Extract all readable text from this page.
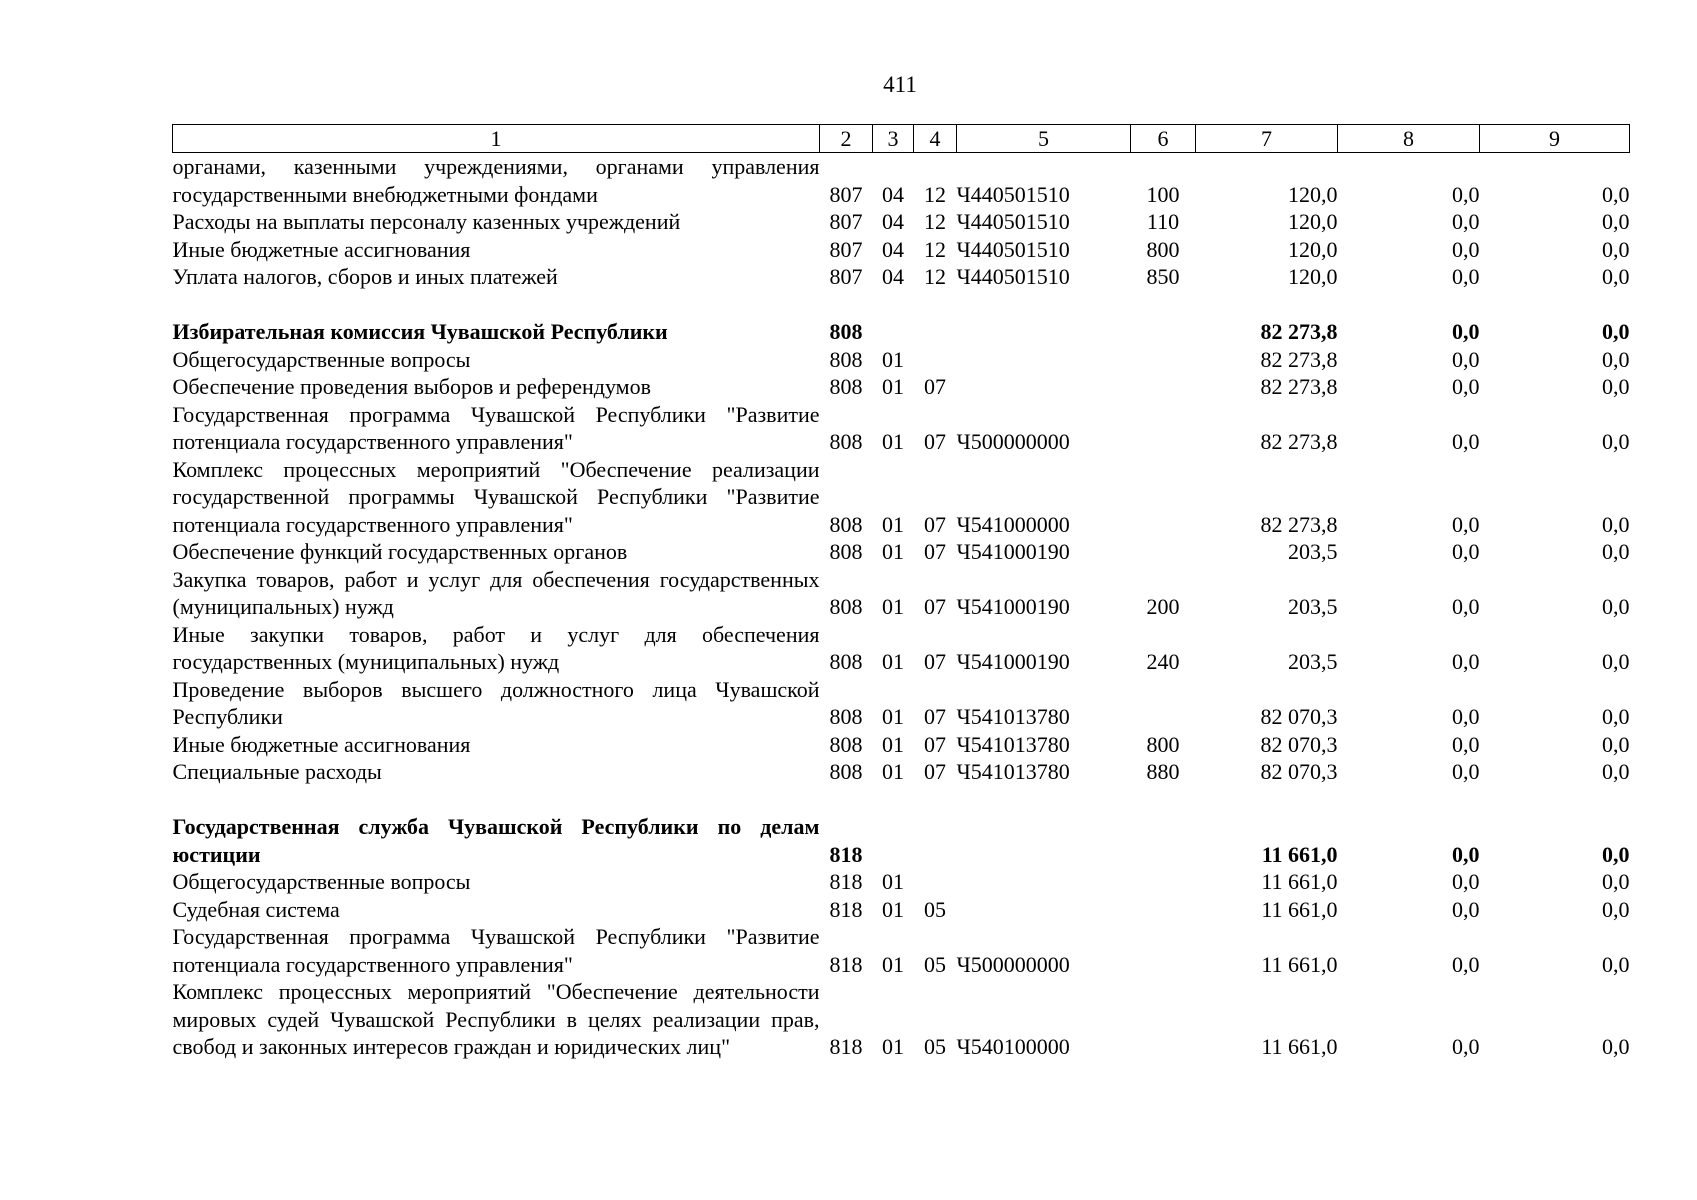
411
1	2	3	4	5	6	7	8	9
органами, казенными учреждениями, органами управления государственными внебюджетными фондами	807	04	12	Ч440501510	100	120,0	0,0	0,0
Расходы на выплаты персоналу казенных учреждений	807	04	12	Ч440501510	110	120,0	0,0	0,0
Иные бюджетные ассигнования	807	04	12	Ч440501510	800	120,0	0,0	0,0
Уплата налогов, сборов и иных платежей	807	04	12	Ч440501510	850	120,0	0,0	0,0

Избирательная комиссия Чувашской Республики	808					82 273,8	0,0	0,0
Общегосударственные вопросы	808	01				82 273,8	0,0	0,0
Обеспечение проведения выборов и референдумов	808	01	07			82 273,8	0,0	0,0
Государственная программа Чувашской Республики "Развитие потенциала государственного управления"	808	01	07	Ч500000000		82 273,8	0,0	0,0
Комплекс процессных мероприятий "Обеспечение реализации государственной программы Чувашской Республики "Развитие потенциала государственного управления"	808	01	07	Ч541000000		82 273,8	0,0	0,0
Обеспечение функций государственных органов	808	01	07	Ч541000190		203,5	0,0	0,0
Закупка товаров, работ и услуг для обеспечения государственных (муниципальных) нужд	808	01	07	Ч541000190	200	203,5	0,0	0,0
Иные закупки товаров, работ и услуг для обеспечения государственных (муниципальных) нужд	808	01	07	Ч541000190	240	203,5	0,0	0,0
Проведение выборов высшего должностного лица Чувашской Республики	808	01	07	Ч541013780		82 070,3	0,0	0,0
Иные бюджетные ассигнования	808	01	07	Ч541013780	800	82 070,3	0,0	0,0
Специальные расходы	808	01	07	Ч541013780	880	82 070,3	0,0	0,0

Государственная служба Чувашской Республики по делам юстиции	818					11 661,0	0,0	0,0
Общегосударственные вопросы	818	01				11 661,0	0,0	0,0
Судебная система	818	01	05			11 661,0	0,0	0,0
Государственная программа Чувашской Республики "Развитие потенциала государственного управления"	818	01	05	Ч500000000		11 661,0	0,0	0,0
Комплекс процессных мероприятий "Обеспечение деятельности мировых судей Чувашской Республики в целях реализации прав, свобод и законных интересов граждан и юридических лиц"	818	01	05	Ч540100000		11 661,0	0,0	0,0
